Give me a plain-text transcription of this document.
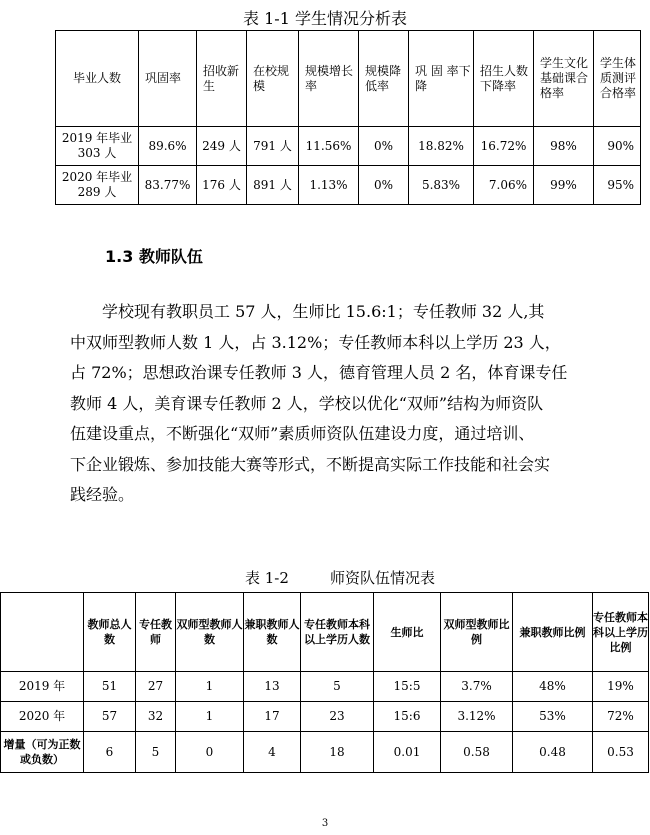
表 1-1 学生情况分析表
毕业人数	巩固率	招收新生	在校规模	规模增长率	规模降低率	巩 固 率下降	招生人数下降率	学生文化基础课合格率	学生体质测评合格率
2019 年毕业 303 人	89.6%	249 人	791 人	11.56%	0%	18.82%	16.72%	98%	90%
2020 年毕业 289 人	83.77%	176 人	891 人	1.13%	0%	5.83%	7.06%	99%	95%
1.3 教师队伍
学校现有教职员工 57 人，生师比 15.6:1；专任教师 32 人,其
中双师型教师人数 1 人，占 3.12%；专任教师本科以上学历 23 人，
占 72%；思想政治课专任教师 3 人，德育管理人员 2 名，体育课专任
教师 4 人，美育课专任教师 2 人，学校以优化“双师”结构为师资队
伍建设重点，不断强化“双师”素质师资队伍建设力度，通过培训、
下企业锻炼、参加技能大赛等形式，不断提高实际工作技能和社会实
践经验。
表 1-2	师资队伍情况表
	教师总人数	专任教师	双师型教师人数	兼职教师人数	专任教师本科以上学历人数	生师比	双师型教师比例	兼职教师比例	专任教师本科以上学历比例
2019 年	51	27	1	13	5	15:5	3.7%	48%	19%
2020 年	57	32	1	17	23	15:6	3.12%	53%	72%
增量（可为正数或负数）	6	5	0	4	18	0.01	0.58	0.48	0.53
3
